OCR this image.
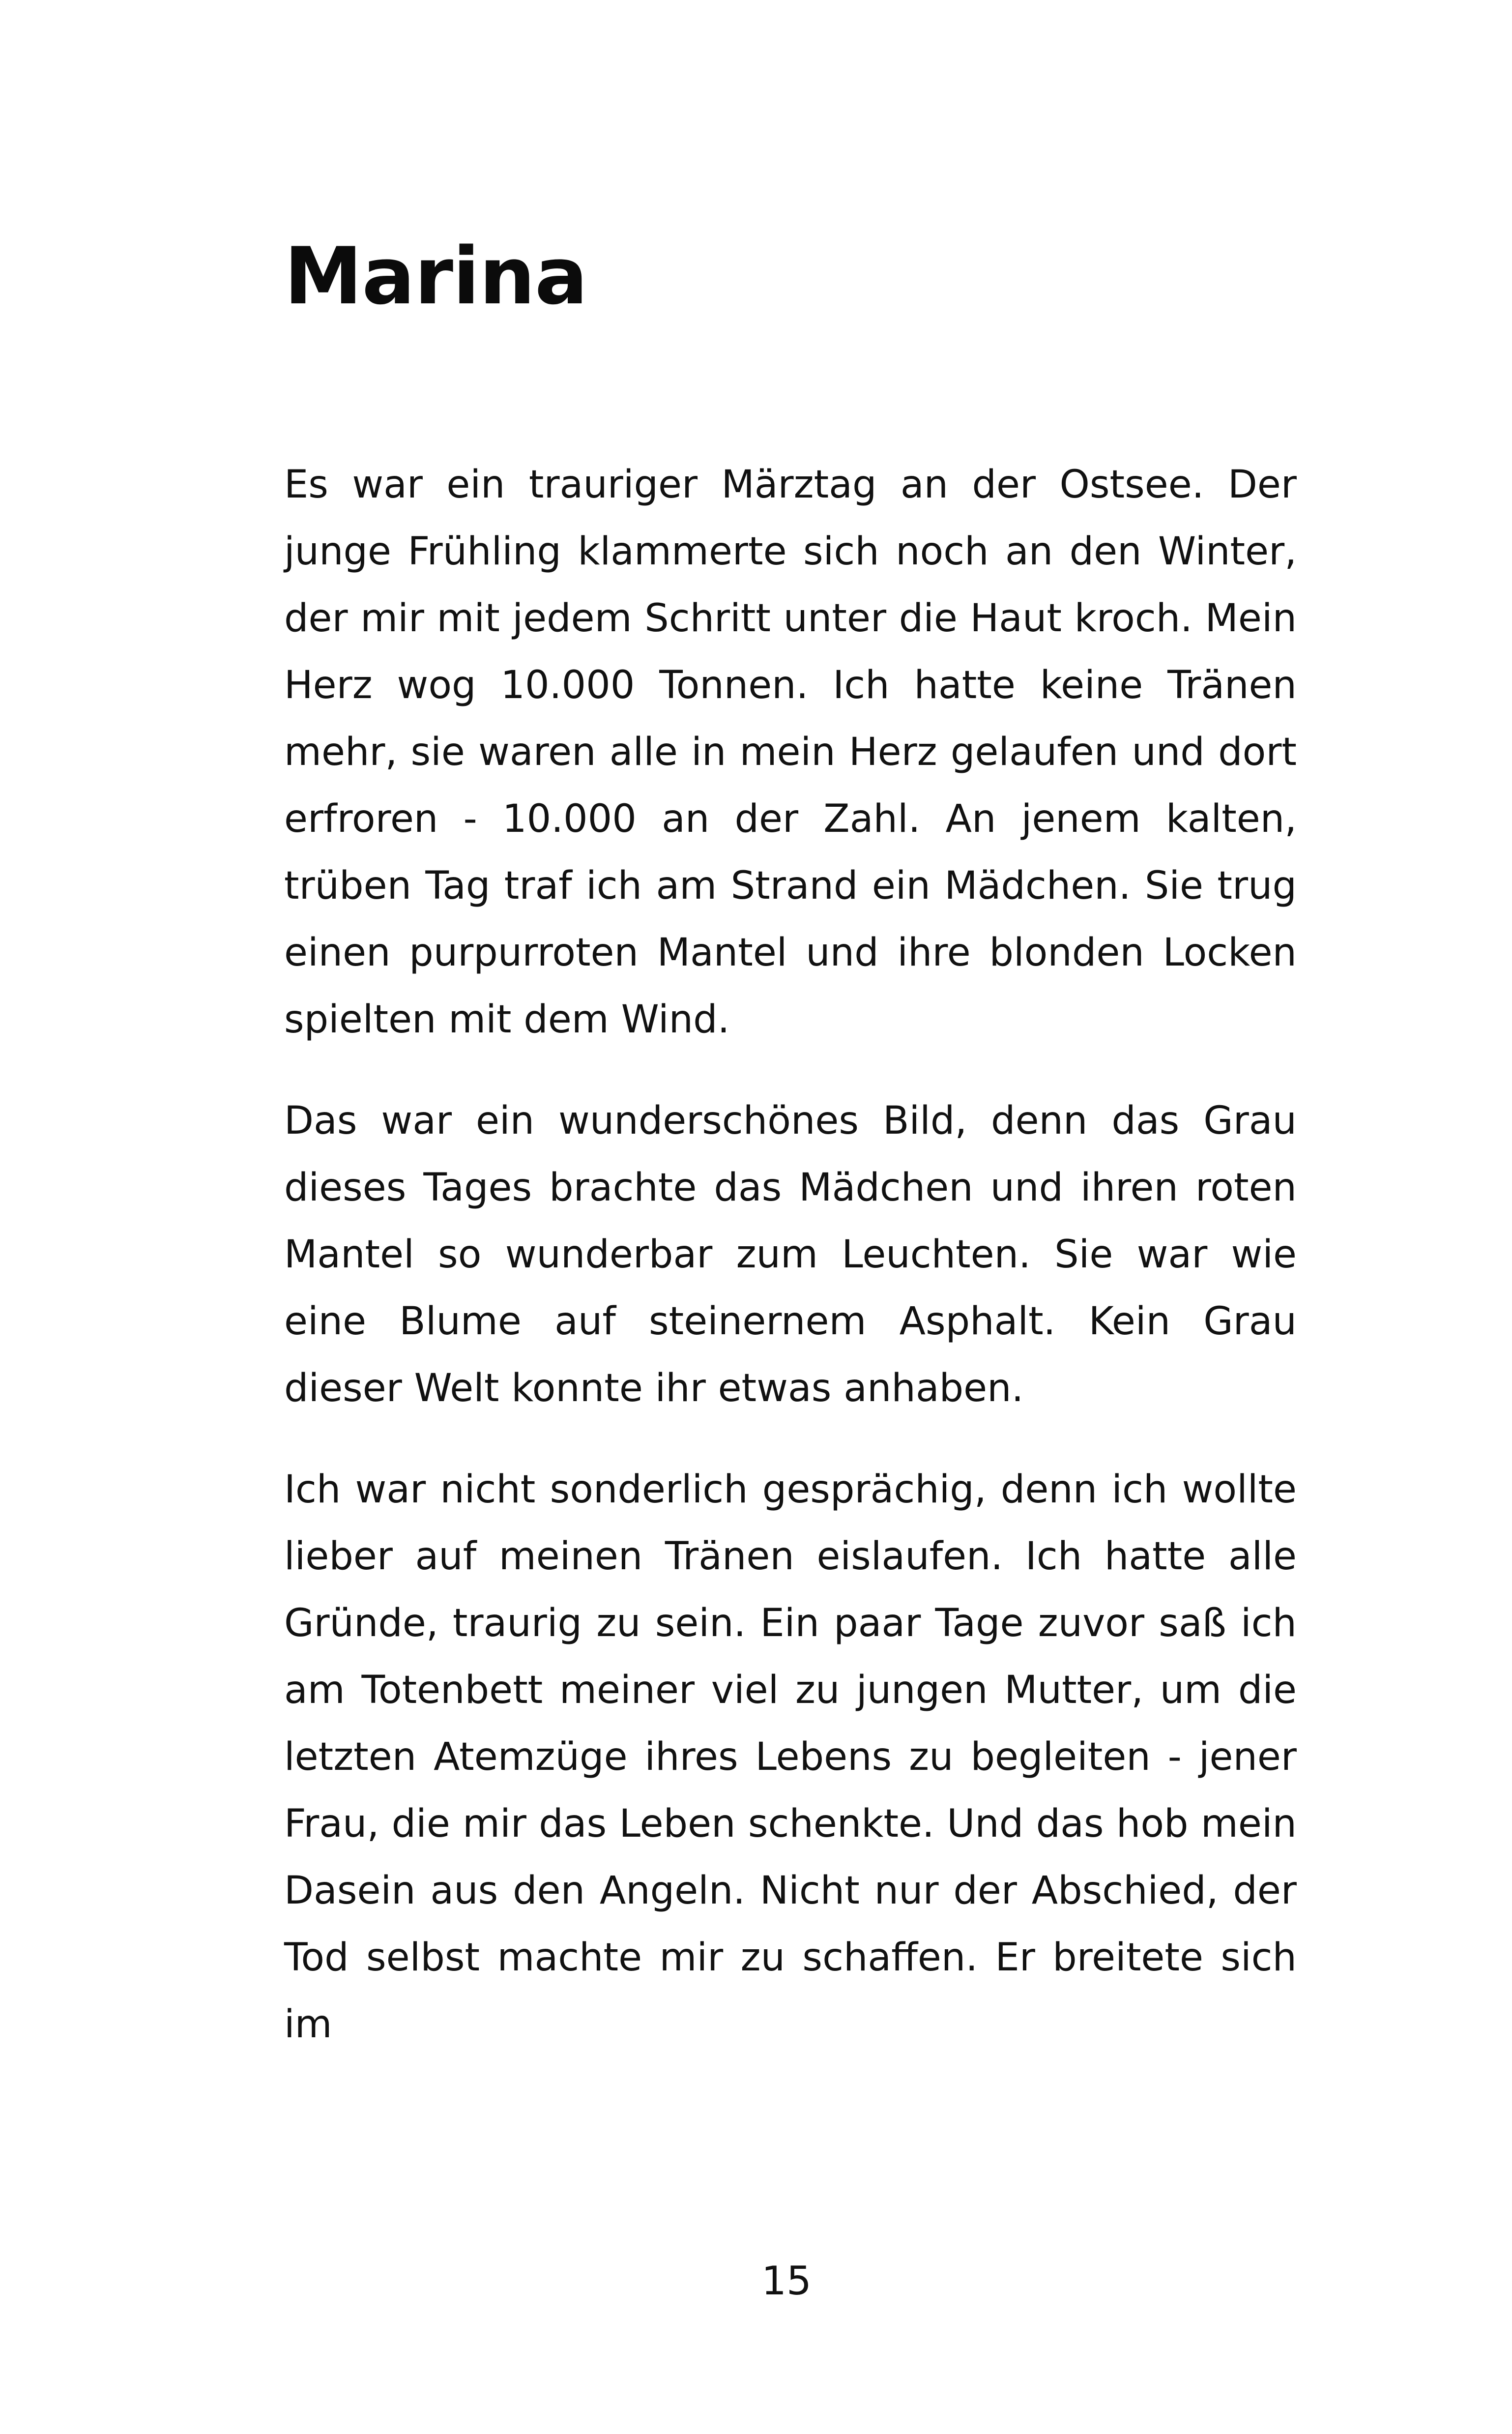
Marina

Es war ein trauriger Märztag an der Ostsee. Der junge Frühling klammerte sich noch an den Winter, der mir mit jedem Schritt unter die Haut kroch. Mein Herz wog 10.000 Tonnen. Ich hatte keine Tränen mehr, sie waren alle in mein Herz gelaufen und dort erfroren - 10.000 an der Zahl. An jenem kalten, trüben Tag traf ich am Strand ein Mädchen. Sie trug einen purpurroten Mantel und ihre blonden Locken spielten mit dem Wind.

Das war ein wunderschönes Bild, denn das Grau dieses Tages brachte das Mädchen und ihren roten Mantel so wunderbar zum Leuchten. Sie war wie eine Blume auf steinernem Asphalt. Kein Grau dieser Welt konnte ihr etwas anhaben.

Ich war nicht sonderlich gesprächig, denn ich wollte lieber auf meinen Tränen eislaufen. Ich hatte alle Gründe, traurig zu sein. Ein paar Tage zuvor saß ich am Totenbett meiner viel zu jungen Mutter, um die letzten Atemzüge ihres Lebens zu begleiten - jener Frau, die mir das Leben schenkte. Und das hob mein Dasein aus den Angeln. Nicht nur der Abschied, der Tod selbst machte mir zu schaffen. Er breitete sich im

15
